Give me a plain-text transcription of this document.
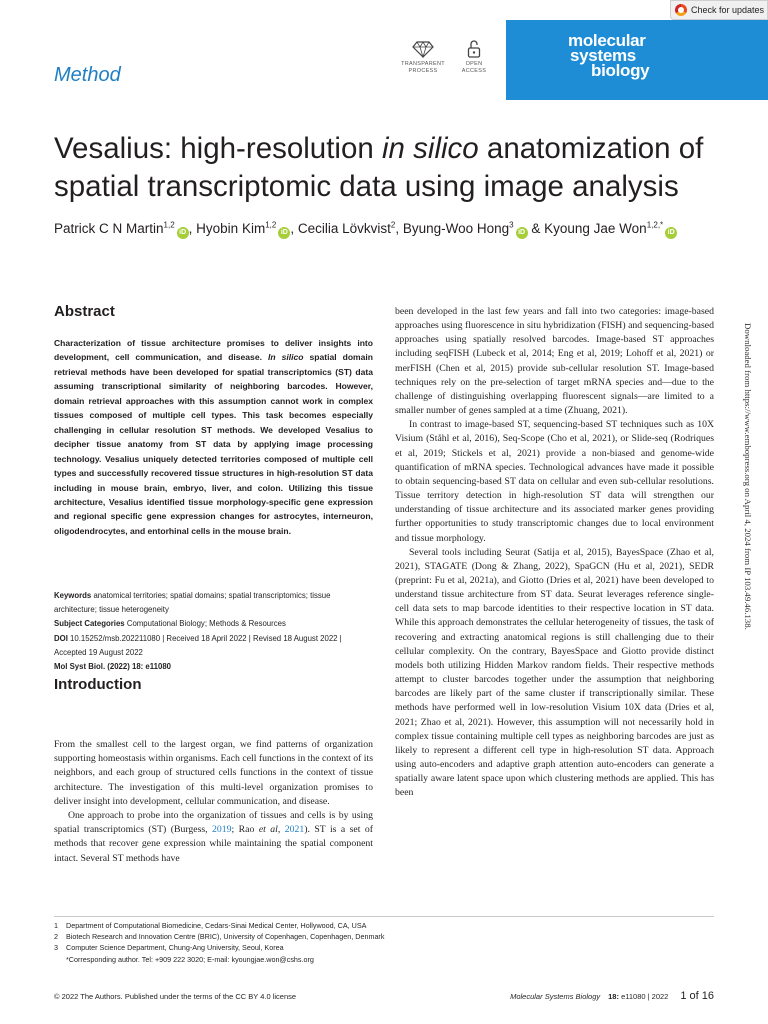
Check for updates
Method	TRANSPARENT
PROCESS
OPEN
ACCESS
molecular
systems
biology
Vesalius: high-resolution in silico anatomization of spatial transcriptomic data using image analysis
Patrick C N Martin$^{1,2}$iD , Hyobin Kim$^{1,2}$iD , Cecilia Lövkvist$^2$, Byung-Woo Hong$^3$iD & Kyoung Jae Won$^{1,2,*}$iD
Abstract
Characterization of tissue architecture promises to deliver insights into development, cell communication, and disease. In silico spatial domain retrieval methods have been developed for spatial transcriptomics (ST) data assuming transcriptional similarity of neighboring barcodes. However, domain retrieval approaches with this assumption cannot work in complex tissues composed of multiple cell types. This task becomes especially challenging in cellular resolution ST methods. We developed Vesalius to decipher tissue anatomy from ST data by applying image processing technology. Vesalius uniquely detected territories composed of multiple cell types and successfully recovered tissue structures in high-resolution ST data including in mouse brain, embryo, liver, and colon. Utilizing this tissue architecture, Vesalius identified tissue morphology-specific gene expression and regional specific gene expression changes for astrocytes, interneuron, oligodendrocytes, and entorhinal cells in the mouse brain.
Keywords anatomical territories; spatial domains; spatial transcriptomics; tissue architecture; tissue heterogeneity
Subject Categories Computational Biology; Methods & Resources
DOI 10.15252/msb.202211080 | Received 18 April 2022 | Revised 18 August 2022 | Accepted 19 August 2022
Mol Syst Biol. (2022) 18: e11080
Introduction

From the smallest cell to the largest organ, we find patterns of organization supporting homeostasis within organisms. Each cell functions in the context of its neighbors, and each group of structured cells functions in the context of tissue architecture. The investigation of this multi-level organization promises to deliver insight into development, cellular communication, and disease.

One approach to probe into the organization of tissues and cells is by using spatial transcriptomics (ST) (Burgess, 2019; Rao et al, 2021). ST is a set of methods that recover gene expression while maintaining the spatial component intact. Several ST methods have

been developed in the last few years and fall into two categories: image-based approaches using fluorescence in situ hybridization (FISH) and sequencing-based approaches using spatially resolved barcodes. Image-based ST approaches including seqFISH (Lubeck et al, 2014; Eng et al, 2019; Lohoff et al, 2021) or merFISH (Chen et al, 2015) provide sub-cellular resolution ST. Image-based techniques rely on the pre-selection of target mRNA species and—due to the challenge of distinguishing overlapping fluorescent signals—are limited to a smaller number of genes sampled at a time (Zhuang, 2021).

In contrast to image-based ST, sequencing-based ST techniques such as 10X Visium (Ståhl et al, 2016), Seq-Scope (Cho et al, 2021), or Slide-seq (Rodriques et al, 2019; Stickels et al, 2021) provide a non-biased and genome-wide quantification of mRNA species. Technological advances have made it possible to obtain sequencing-based ST data on cellular and even sub-cellular resolutions. Tissue territory detection in high-resolution ST data will strengthen our understanding of tissue architecture and its associated marker genes providing further opportunities to study transcriptomic changes due to local environment and tissue morphology.

Several tools including Seurat (Satija et al, 2015), BayesSpace (Zhao et al, 2021), STAGATE (Dong & Zhang, 2022), SpaGCN (Hu et al, 2021), SEDR (preprint: Fu et al, 2021a), and Giotto (Dries et al, 2021) have been developed to understand tissue architecture from ST data. Seurat leverages reference single-cell data sets to map barcode identities to their respective location in ST data. While this approach demonstrates the cellular heterogeneity of tissues, the task of recovering and extracting anatomical regions is still challenging due to their cellular complexity. On the contrary, BayesSpace and Giotto provide distinct models both utilizing Hidden Markov random fields. Their respective methods attempt to cluster barcodes together under the assumption that neighboring barcodes are likely part of the same cluster if transcriptionally similar. These methods have performed well in low-resolution Visium 10X data (Dries et al, 2021; Zhao et al, 2021). However, this assumption will not necessarily hold in complex tissue containing multiple cell types as neighboring barcodes are just as likely to represent a different cell type in high-resolution ST data. Approach using auto-encoders and adaptive graph attention auto-encoders can generate a spatially aware latent space upon which clustering methods are applied. This has been

Downloaded from https://www.embopress.org on April 4, 2024 from IP 103.49.46.138.
1	Department of Computational Biomedicine, Cedars-Sinai Medical Center, Hollywood, CA, USA
2	Biotech Research and Innovation Centre (BRIC), University of Copenhagen, Copenhagen, Denmark
3	Computer Science Department, Chung-Ang University, Seoul, Korea
*Corresponding author. Tel: +909 222 3020; E-mail: kyoungjae.won@cshs.org
© 2022 The Authors. Published under the terms of the CC BY 4.0 license	Molecular Systems Biology 18: e11080 | 2022 1 of 16
